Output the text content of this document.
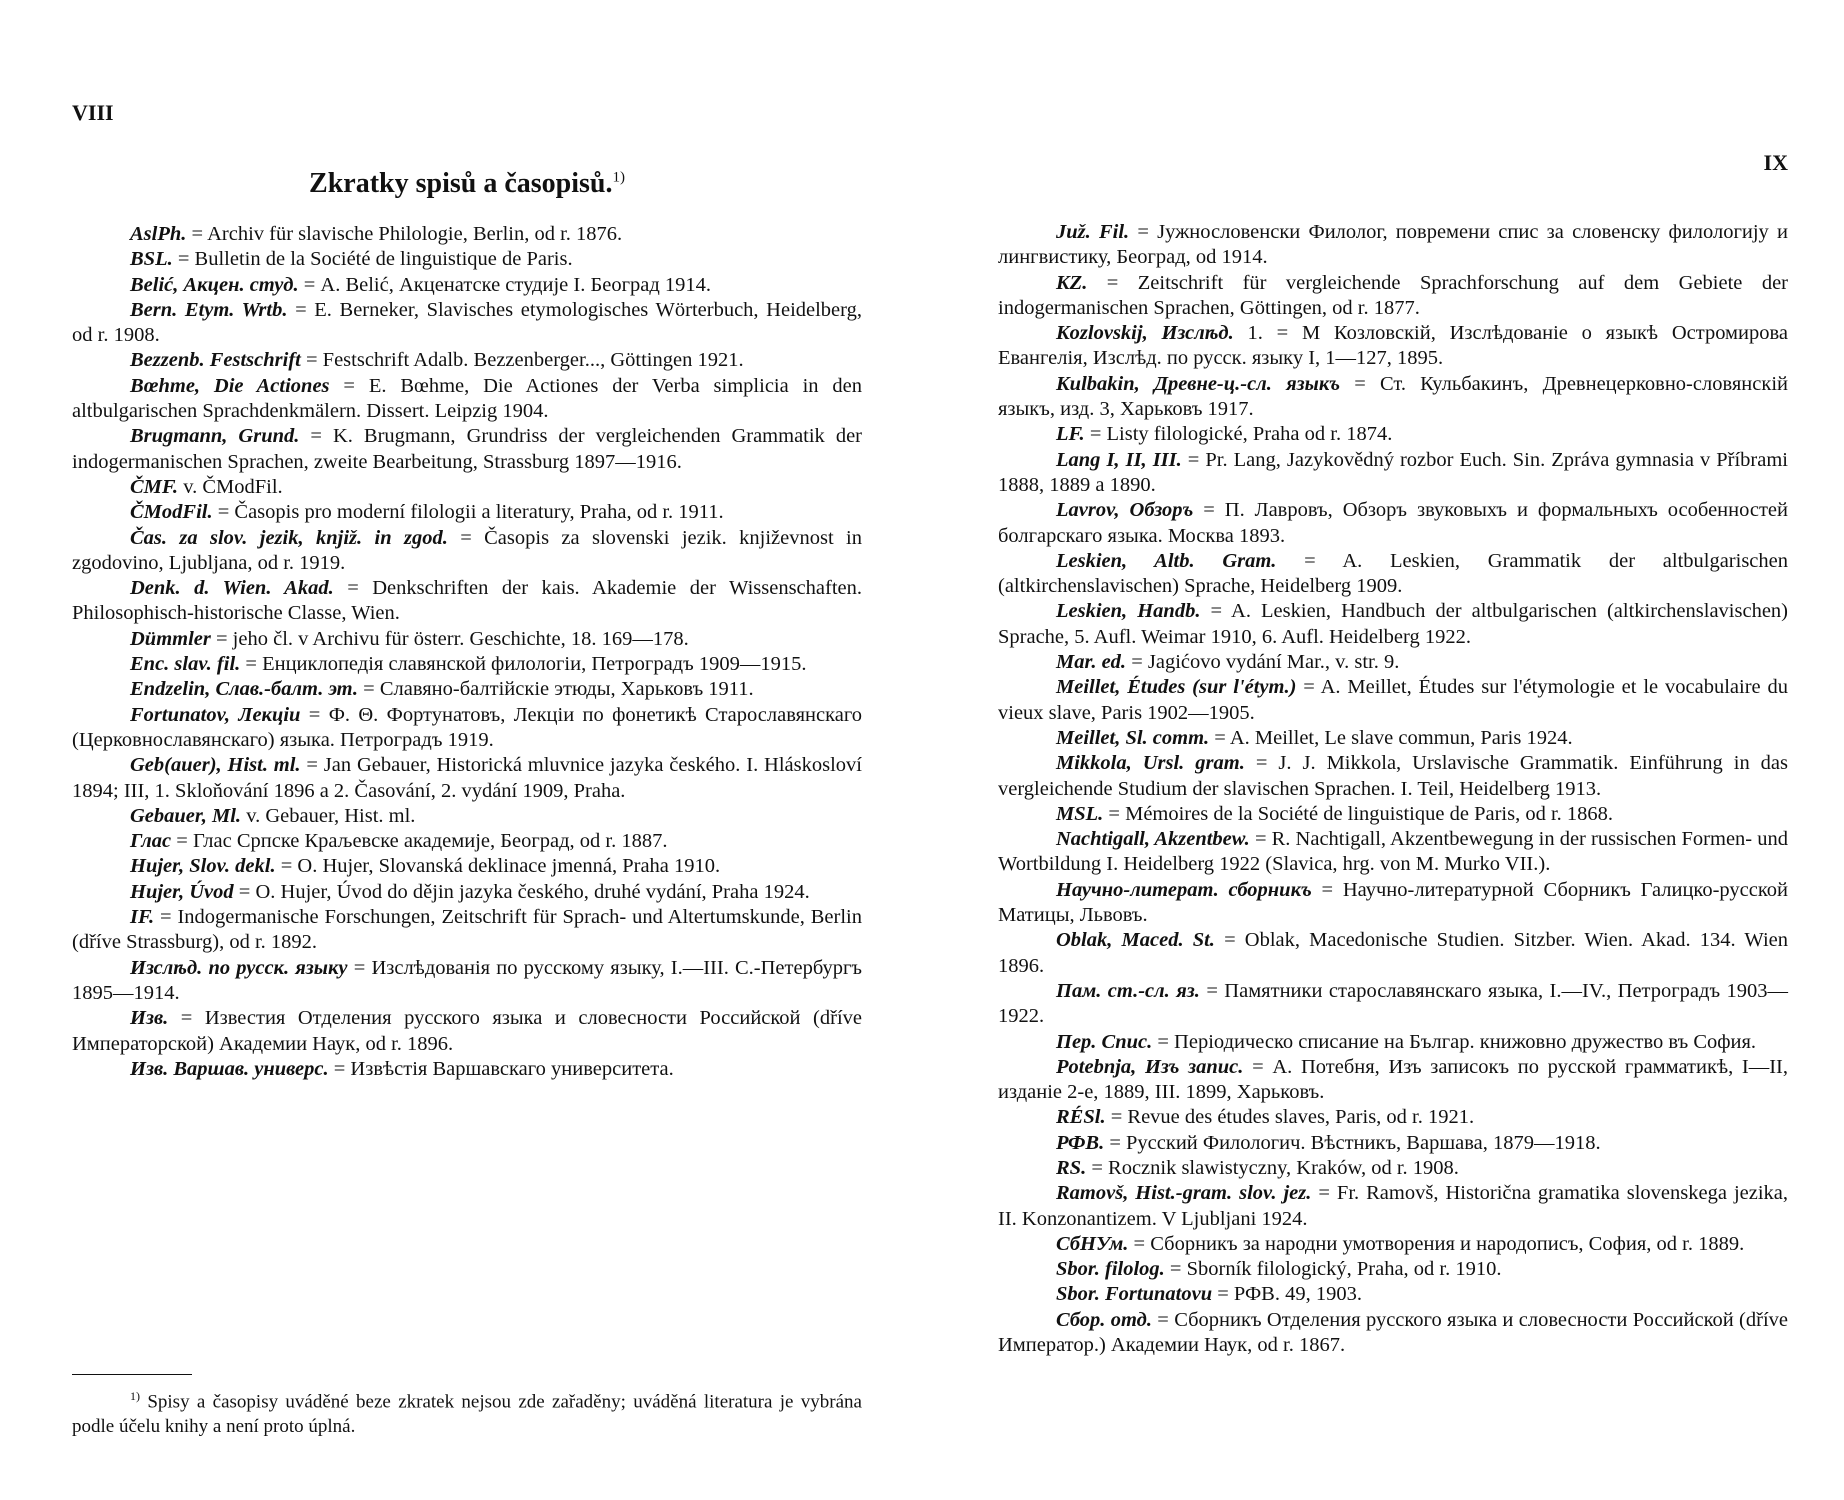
VIII
Zkratky spisů a časopisů.$^{1)}$

AslPh. = Archiv für slavische Philologie, Berlin, od r. 1876.

BSL. = Bulletin de la Société de linguistique de Paris.

Belić, Акцен. студ. = A. Belić, Акценатске студије I. Београд 1914.

Bern. Etym. Wrtb. = E. Berneker, Slavisches etymologisches Wörterbuch, Heidelberg, od r. 1908.

Bezzenb. Festschrift = Festschrift Adalb. Bezzenberger..., Göttingen 1921.

Bœhme, Die Actiones = E. Bœhme, Die Actiones der Verba simplicia in den altbulgarischen Sprachdenkmälern. Dissert. Leipzig 1904.

Brugmann, Grund. = K. Brugmann, Grundriss der vergleichenden Grammatik der indogermanischen Sprachen, zweite Bearbeitung, Strassburg 1897—1916.

ČMF. v. ČModFil.

ČModFil. = Časopis pro moderní filologii a literatury, Praha, od r. 1911.

Čas. za slov. jezik, knjiž. in zgod. = Časopis za slovenski jezik. književnost in zgodovino, Ljubljana, od r. 1919.

Denk. d. Wien. Akad. = Denkschriften der kais. Akademie der Wissenschaften. Philosophisch-historische Classe, Wien.

Dümmler = jeho čl. v Archivu für österr. Geschichte, 18. 169—178.

Enc. slav. fil. = Енциклопедія славянской филологіи, Петроградъ 1909—1915.

Endzelin, Слав.-балт. эт. = Славяно-балтійскіе этюды, Харьковъ 1911.

Fortunatov, Лекціи = Ф. Θ. Фортунатовъ, Лекціи по фонетикѣ Старославянскаго (Церковнославянскаго) языка. Петроградъ 1919.

Geb(auer), Hist. ml. = Jan Gebauer, Historická mluvnice jazyka českého. I. Hláskosloví 1894; III, 1. Skloňování 1896 a 2. Časování, 2. vydání 1909, Praha.

Gebauer, Ml. v. Gebauer, Hist. ml.

Глас = Глас Српске Краљевске академије, Београд, od r. 1887.

Hujer, Slov. dekl. = O. Hujer, Slovanská deklinace jmenná, Praha 1910.

Hujer, Úvod = O. Hujer, Úvod do dějin jazyka českého, druhé vydání, Praha 1924.

IF. = Indogermanische Forschungen, Zeitschrift für Sprach- und Altertumskunde, Berlin (dříve Strassburg), od r. 1892.

Изслѣд. по русск. языку = Изслѣдованія по русскому языку, I.—III. С.-Петербургъ 1895—1914.

Изв. = Известия Отделения русского языка и словесности Российской (dříve Императорской) Академии Наук, od r. 1896.

Изв. Варшав. универс. = Извѣстія Варшавскаго университета.

$^{1)}$ Spisy a časopisy uváděné beze zkratek nejsou zde zařaděny; uváděná literatura je vybrána podle účelu knihy a není proto úplná.

IX

Juž. Fil. = Јужнословенски Филолог, повремени спис за словенску филологију и лингвистику, Београд, od 1914.

KZ. = Zeitschrift für vergleichende Sprachforschung auf dem Gebiete der indogermanischen Sprachen, Göttingen, od r. 1877.

Kozlovskij, Изслѣд. 1. = М Козловскій, Изслѣдованіе о языкѣ Остромирова Евангелія, Изслѣд. по русск. языку I, 1—127, 1895.

Kulbakin, Древне-ц.-сл. языкъ = Ст. Кульбакинъ, Древнецерковно-словянскій языкъ, изд. 3, Харьковъ 1917.

LF. = Listy filologické, Praha od r. 1874.

Lang I, II, III. = Pr. Lang, Jazykovědný rozbor Euch. Sin. Zpráva gymnasia v Příbrami 1888, 1889 a 1890.

Lavrov, Обзоръ = П. Лавровъ, Обзоръ звуковыхъ и формальныхъ особенностей болгарскаго языка. Москва 1893.

Leskien, Altb. Gram. = A. Leskien, Grammatik der altbulgarischen (altkirchenslavischen) Sprache, Heidelberg 1909.

Leskien, Handb. = A. Leskien, Handbuch der altbulgarischen (altkirchenslavischen) Sprache, 5. Aufl. Weimar 1910, 6. Aufl. Heidelberg 1922.

Mar. ed. = Jagićovo vydání Mar., v. str. 9.

Meillet, Études (sur l'étym.) = A. Meillet, Études sur l'étymologie et le vocabulaire du vieux slave, Paris 1902—1905.

Meillet, Sl. comm. = A. Meillet, Le slave commun, Paris 1924.

Mikkola, Ursl. gram. = J. J. Mikkola, Urslavische Grammatik. Einführung in das vergleichende Studium der slavischen Sprachen. I. Teil, Heidelberg 1913.

MSL. = Mémoires de la Société de linguistique de Paris, od r. 1868.

Nachtigall, Akzentbew. = R. Nachtigall, Akzentbewegung in der russischen Formen- und Wortbildung I. Heidelberg 1922 (Slavica, hrg. von M. Murko VII.).

Научно-литерат. сборникъ = Научно-литературной Сборникъ Галицко-русской Матицы, Львовъ.

Oblak, Maced. St. = Oblak, Macedonische Studien. Sitzber. Wien. Akad. 134. Wien 1896.

Пам. ст.-сл. яз. = Памятники старославянскаго языка, I.—IV., Петроградъ 1903—1922.

Пер. Спис. = Періодическо списание на Българ. книжовно дружество въ София.

Potebnja, Изъ запис. = А. Потебня, Изъ записокъ по русской грамматикѣ, I—II, изданіе 2-е, 1889, III. 1899, Харьковъ.

RÉSl. = Revue des études slaves, Paris, od r. 1921.

РФВ. = Русский Филологич. Вѣстникъ, Варшава, 1879—1918.

RS. = Rocznik slawistyczny, Kraków, od r. 1908.

Ramovš, Hist.-gram. slov. jez. = Fr. Ramovš, Historična gramatika slovenskega jezika, II. Konzonantizem. V Ljubljani 1924.

СбНУм. = Сборникъ за народни умотворения и народописъ, София, od r. 1889.

Sbor. filolog. = Sborník filologický, Praha, od r. 1910.

Sbor. Fortunatovu = РФВ. 49, 1903.

Сбор. отд. = Сборникъ Отделения русского языка и словесности Российской (dříve Император.) Академии Наук, od r. 1867.
